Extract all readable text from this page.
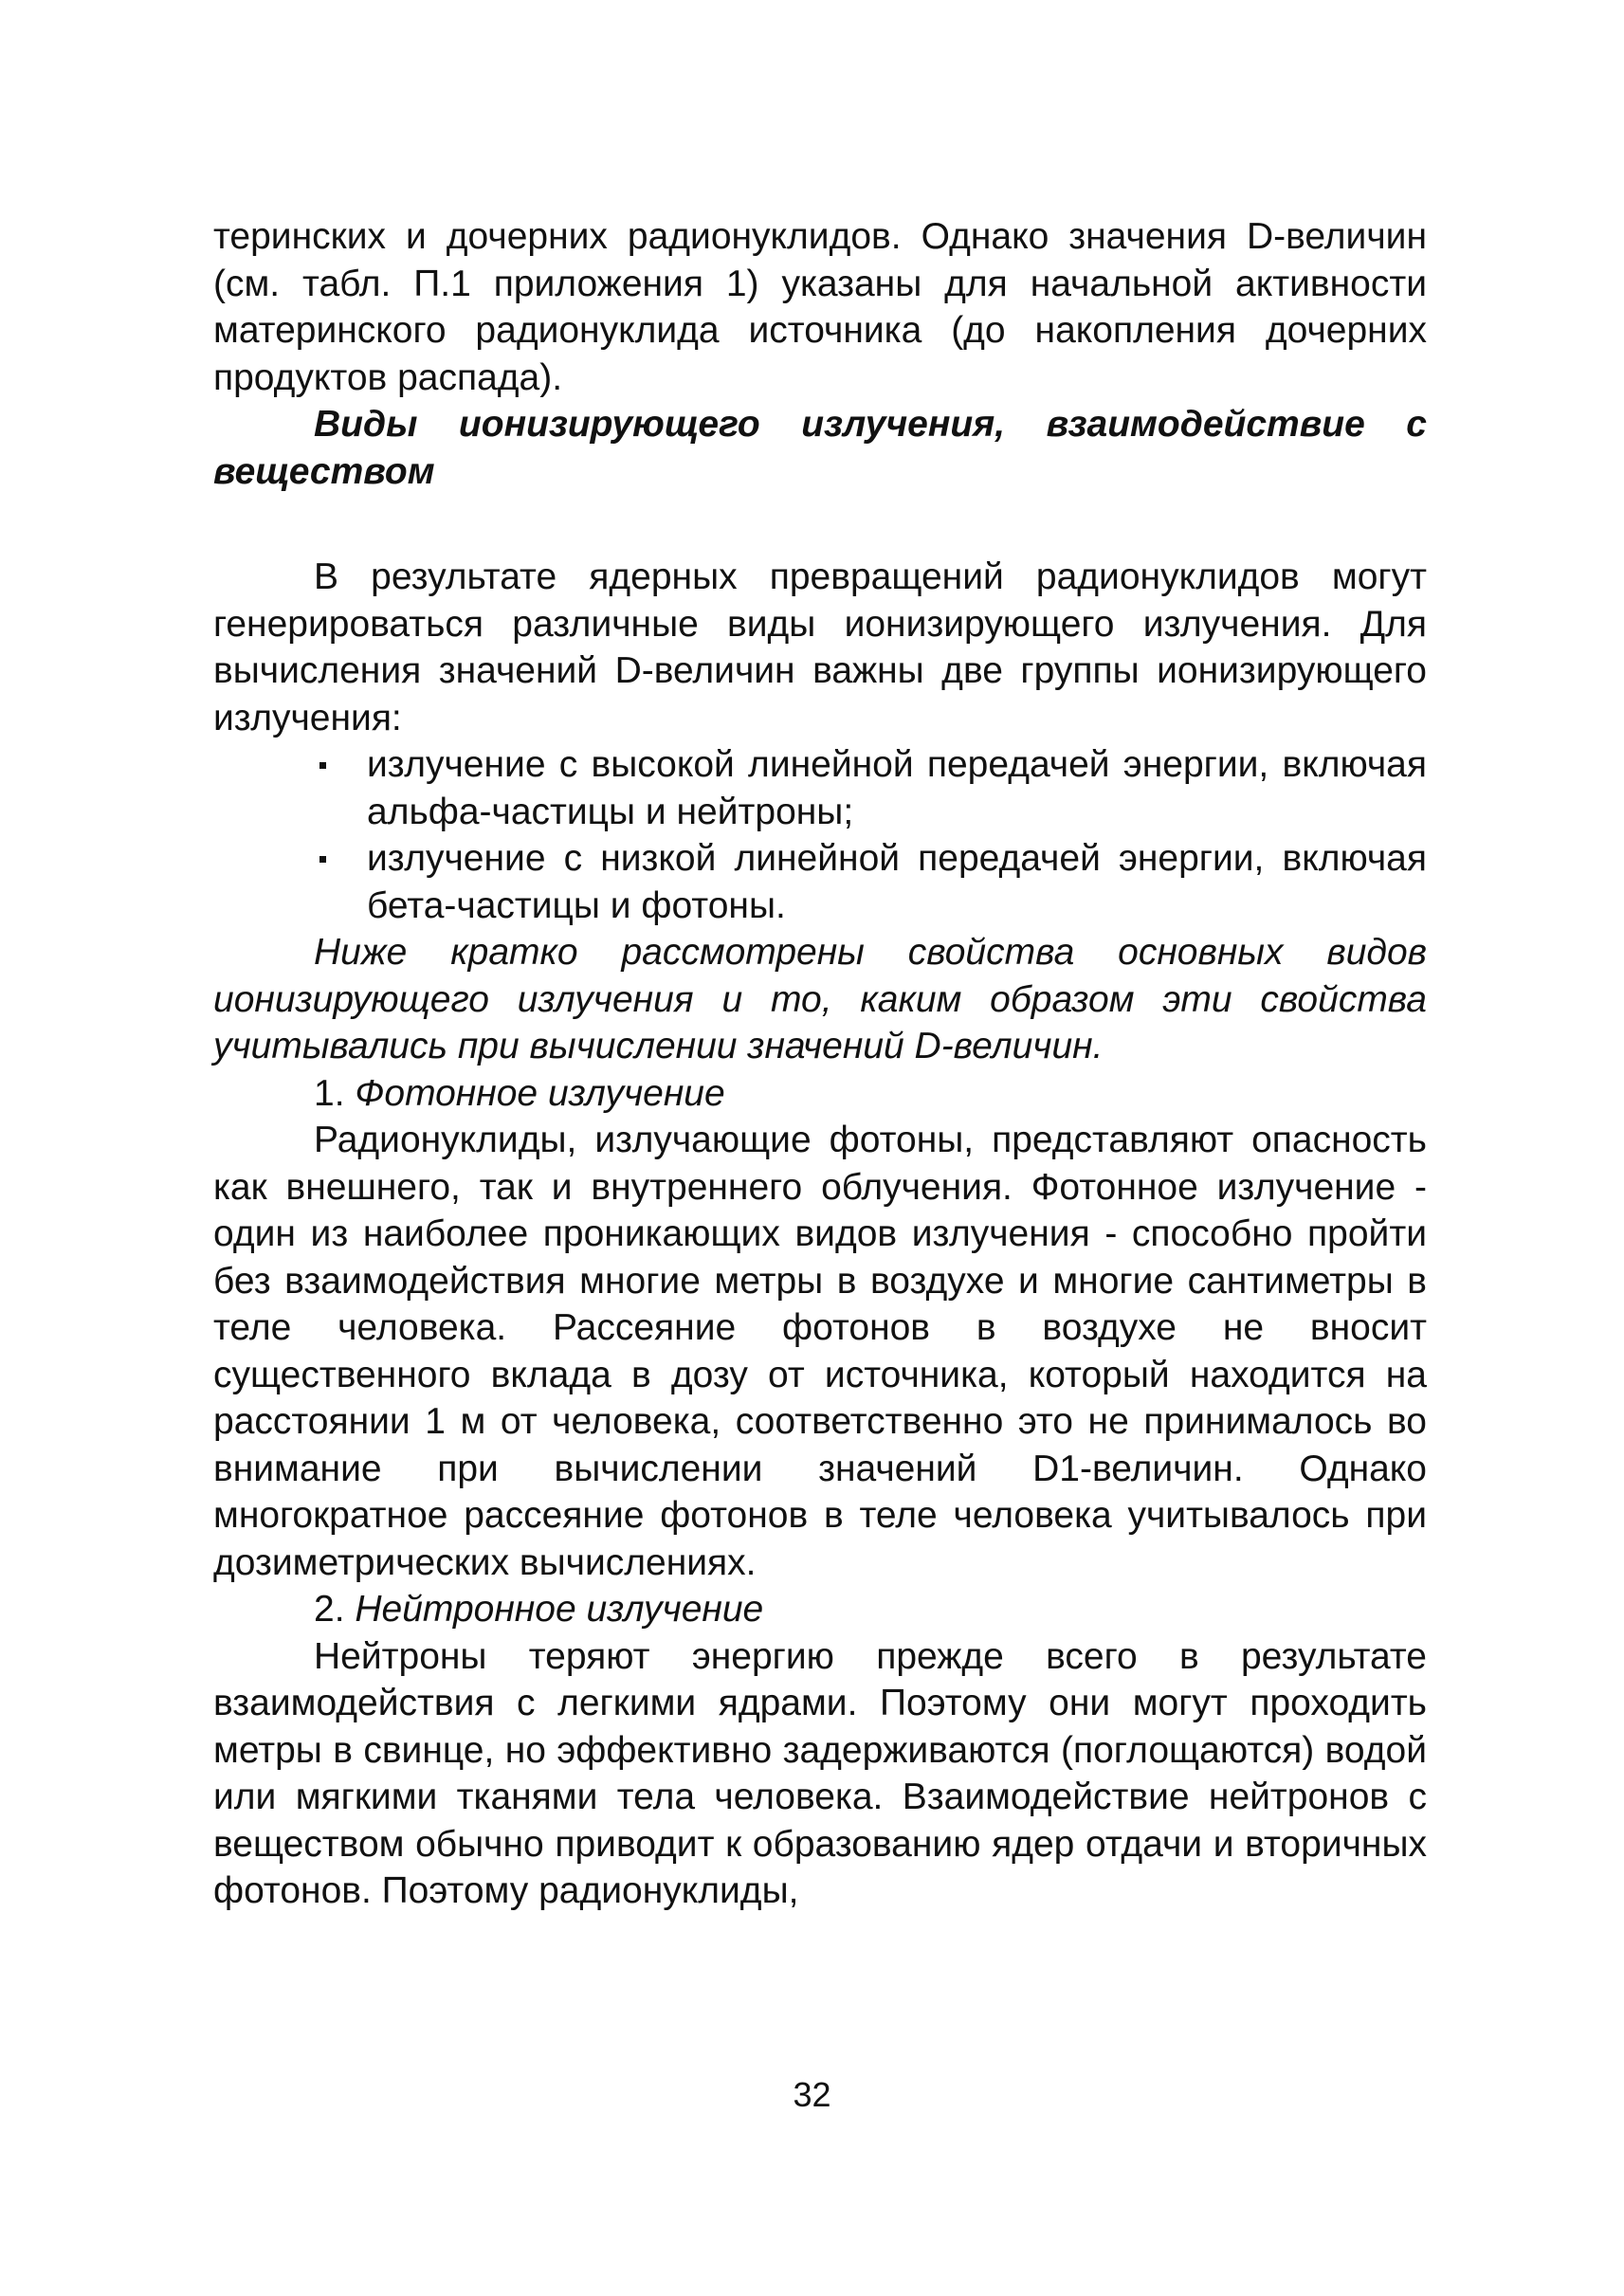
теринских и дочерних радионуклидов. Однако значения D-величин (см. табл. П.1 приложения 1) указаны для начальной активности материнского радионуклида источника (до накопления дочерних продуктов распада).

Виды ионизирующего излучения, взаимодействие с веществом

В результате ядерных превращений радионуклидов могут генерироваться различные виды ионизирующего излучения. Для вычисления значений D-величин важны две группы ионизирующего излучения:

излучение с высокой линейной передачей энергии, включая альфа-частицы и нейтроны;
излучение с низкой линейной передачей энергии, включая бета-частицы и фотоны.

Ниже кратко рассмотрены свойства основных видов ионизирующего излучения и то, каким образом эти свойства учитывались при вычислении значений D-величин.

1. Фотонное излучение

Радионуклиды, излучающие фотоны, представляют опасность как внешнего, так и внутреннего облучения. Фотонное излучение - один из наиболее проникающих видов излучения - способно пройти без взаимодействия многие метры в воздухе и многие сантиметры в теле человека. Рассеяние фотонов в воздухе не вносит существенного вклада в дозу от источника, который находится на расстоянии 1 м от человека, соответственно это не принималось во внимание при вычислении значений D1-величин. Однако многократное рассеяние фотонов в теле человека учитывалось при дозиметрических вычислениях.

2. Нейтронное излучение

Нейтроны теряют энергию прежде всего в результате взаимодействия с легкими ядрами. Поэтому они могут проходить метры в свинце, но эффективно задерживаются (поглощаются) водой или мягкими тканями тела человека. Взаимодействие нейтронов с веществом обычно приводит к образованию ядер отдачи и вторичных фотонов. Поэтому радионуклиды,

32
